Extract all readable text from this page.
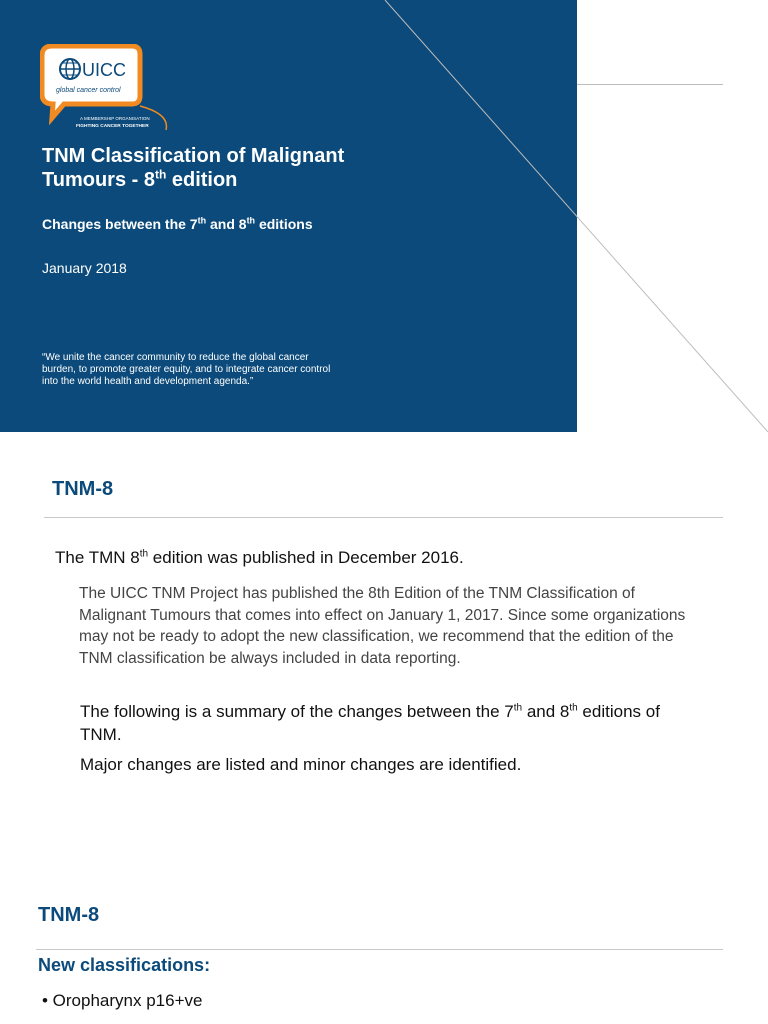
UICC
global cancer control
A MEMBERSHIP ORGANISATION
FIGHTING CANCER TOGETHER
TNM Classification of Malignant
Tumours - 8th edition
Changes between the 7th and 8th editions
January 2018
“We unite the cancer community to reduce the global cancer burden, to promote greater equity, and to integrate cancer control into the world health and development agenda.”
TNM-8
The TMN 8th edition was published in December 2016.
The UICC TNM Project has published the 8th Edition of the TNM Classification of Malignant Tumours that comes into effect on January 1, 2017. Since some organizations may not be ready to adopt the new classification, we recommend that the edition of the TNM classification be always included in data reporting.
The following is a summary of the changes between the 7th and 8th editions of TNM.
Major changes are listed and minor changes are identified.
TNM-8
New classifications:
• Oropharynx p16+ve
